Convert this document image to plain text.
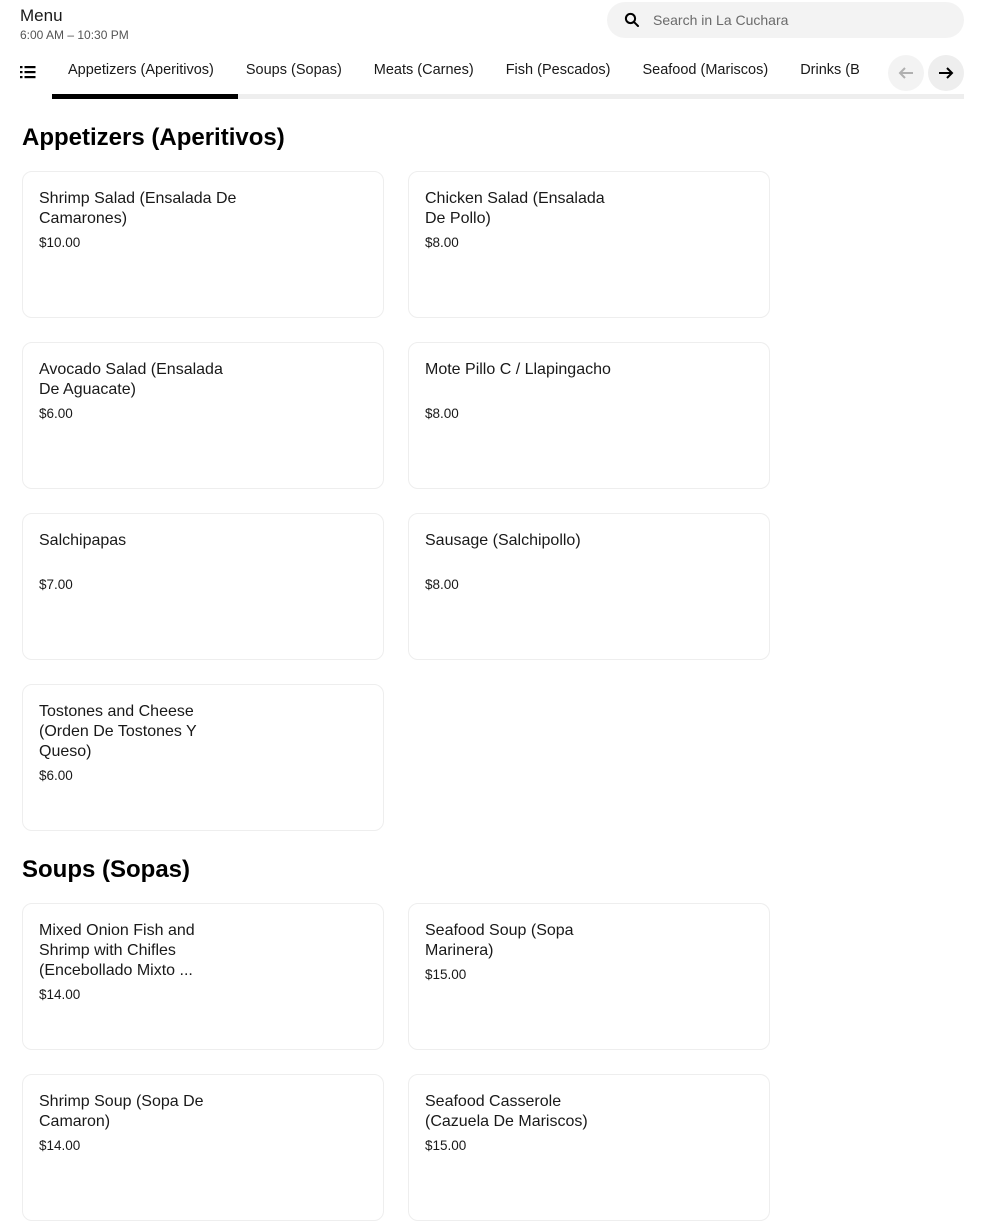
Menu
6:00 AM – 10:30 PM
Search in La Cuchara
Appetizers (Aperitivos)	Soups (Sopas)	Meats (Carnes)	Fish (Pescados)	Seafood (Mariscos)	Drinks (B
Appetizers (Aperitivos)
Shrimp Salad (Ensalada De Camarones)
$10.00
Chicken Salad (Ensalada De Pollo)
$8.00
Avocado Salad (Ensalada De Aguacate)
$6.00
Mote Pillo C / Llapingacho
$8.00
Salchipapas
$7.00
Sausage (Salchipollo)
$8.00
Tostones and Cheese (Orden De Tostones Y Queso)
$6.00
Soups (Sopas)
Mixed Onion Fish and Shrimp with Chifles (Encebollado Mixto ...
$14.00
Seafood Soup (Sopa Marinera)
$15.00
Shrimp Soup (Sopa De Camaron)
$14.00
Seafood Casserole (Cazuela De Mariscos)
$15.00
